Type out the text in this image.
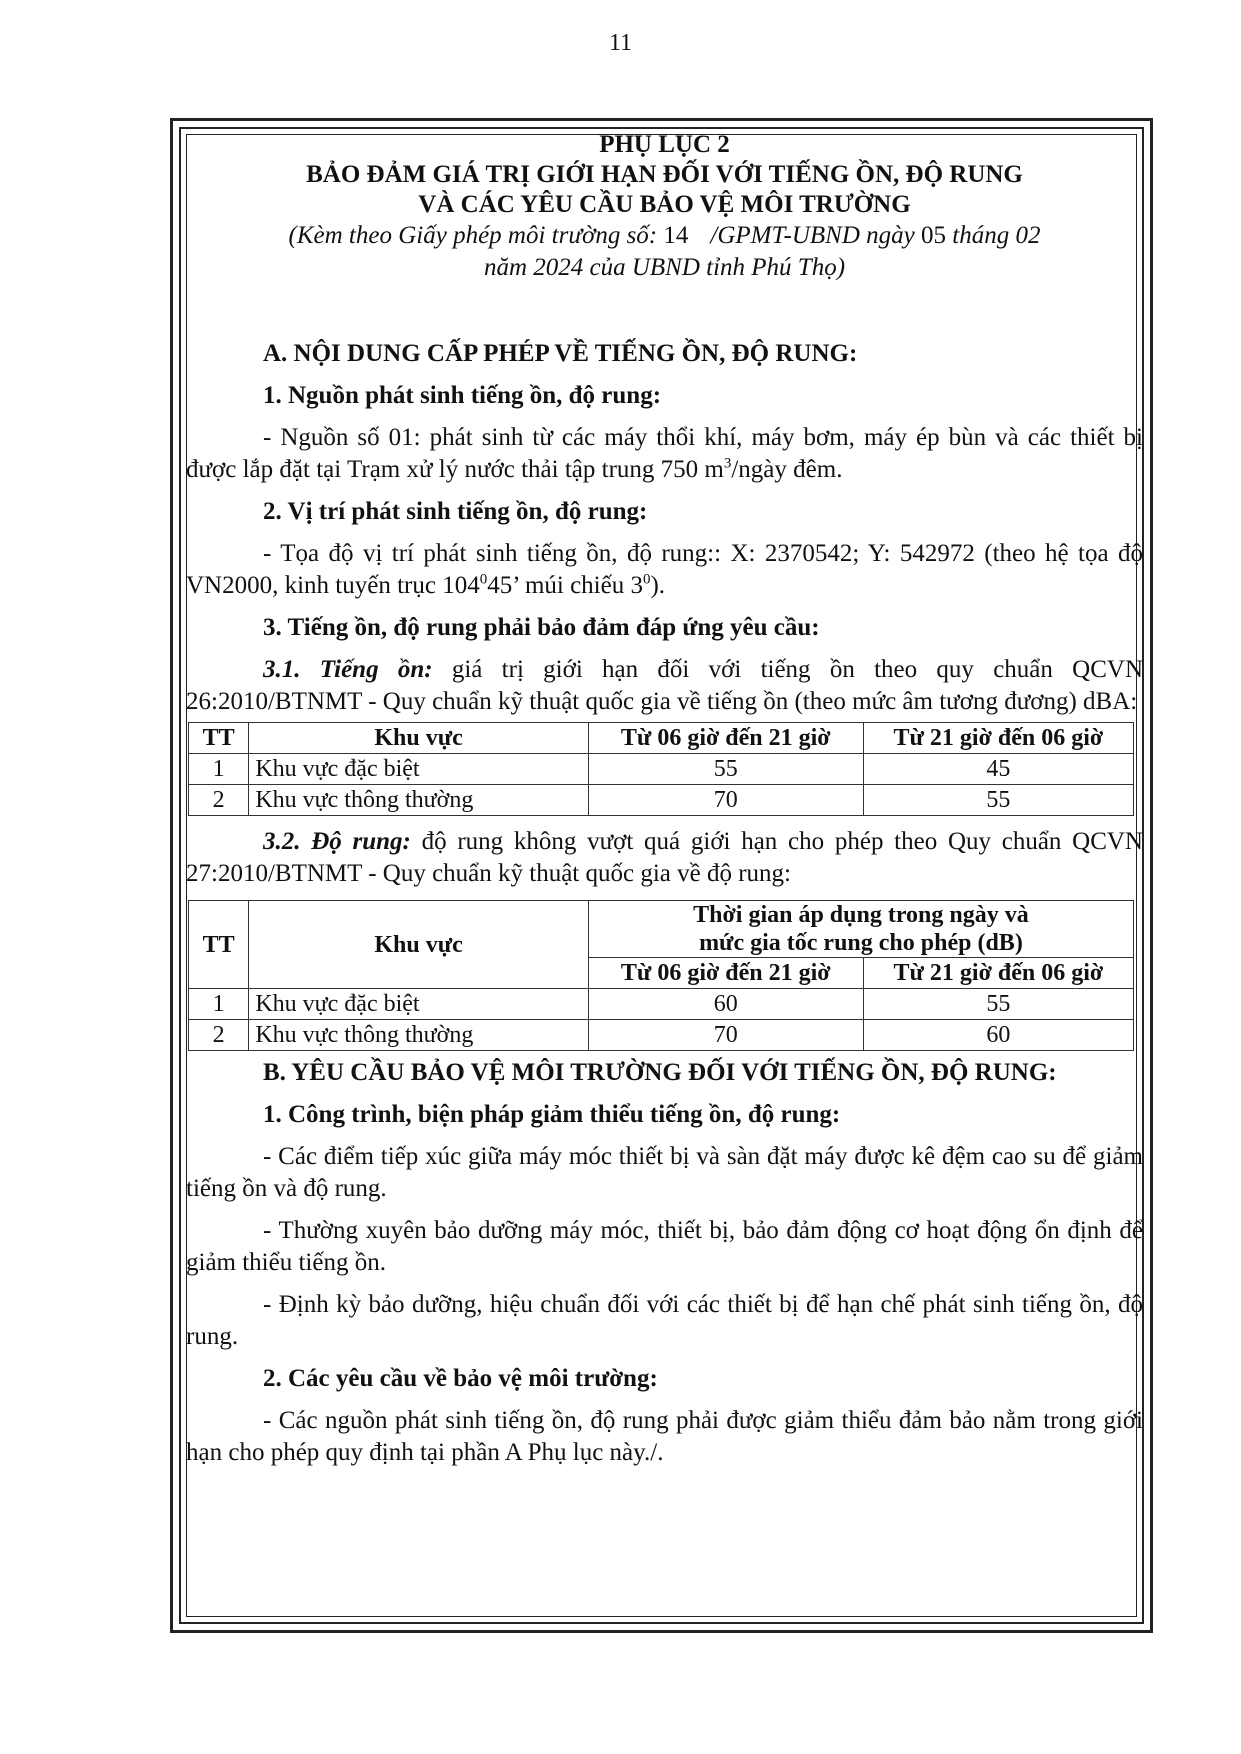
11
PHỤ LỤC 2
BẢO ĐẢM GIÁ TRỊ GIỚI HẠN ĐỐI VỚI TIẾNG ỒN, ĐỘ RUNG
VÀ CÁC YÊU CẦU BẢO VỆ MÔI TRƯỜNG
(Kèm theo Giấy phép môi trường số: 14 /GPMT-UBND ngày 05 tháng 02
năm 2024 của UBND tỉnh Phú Thọ)

A. NỘI DUNG CẤP PHÉP VỀ TIẾNG ỒN, ĐỘ RUNG:

1. Nguồn phát sinh tiếng ồn, độ rung:

- Nguồn số 01: phát sinh từ các máy thổi khí, máy bơm, máy ép bùn và các thiết bị được lắp đặt tại Trạm xử lý nước thải tập trung 750 $m^3$/ngày đêm.

2. Vị trí phát sinh tiếng ồn, độ rung:

- Tọa độ vị trí phát sinh tiếng ồn, độ rung:: X: 2370542; Y: 542972 (theo hệ tọa độ VN2000, kinh tuyến trục $104^045$’ múi chiếu $3^0$).

3. Tiếng ồn, độ rung phải bảo đảm đáp ứng yêu cầu:

3.1. Tiếng ồn: giá trị giới hạn đối với tiếng ồn theo quy chuẩn QCVN 26:2010/BTNMT - Quy chuẩn kỹ thuật quốc gia về tiếng ồn (theo mức âm tương đương) dBA:

TT	Khu vực	Từ 06 giờ đến 21 giờ	Từ 21 giờ đến 06 giờ
1	Khu vực đặc biệt	55	45
2	Khu vực thông thường	70	55

3.2. Độ rung: độ rung không vượt quá giới hạn cho phép theo Quy chuẩn QCVN 27:2010/BTNMT - Quy chuẩn kỹ thuật quốc gia về độ rung:

TT	Khu vực	Thời gian áp dụng trong ngày và
mức gia tốc rung cho phép (dB)	
		Từ 06 giờ đến 21 giờ	Từ 21 giờ đến 06 giờ
1	Khu vực đặc biệt	60	55
2	Khu vực thông thường	70	60

B. YÊU CẦU BẢO VỆ MÔI TRƯỜNG ĐỐI VỚI TIẾNG ỒN, ĐỘ RUNG:

1. Công trình, biện pháp giảm thiểu tiếng ồn, độ rung:

- Các điểm tiếp xúc giữa máy móc thiết bị và sàn đặt máy được kê đệm cao su để giảm tiếng ồn và độ rung.

- Thường xuyên bảo dưỡng máy móc, thiết bị, bảo đảm động cơ hoạt động ổn định để giảm thiểu tiếng ồn.

- Định kỳ bảo dưỡng, hiệu chuẩn đối với các thiết bị để hạn chế phát sinh tiếng ồn, độ rung.

2. Các yêu cầu về bảo vệ môi trường:

- Các nguồn phát sinh tiếng ồn, độ rung phải được giảm thiểu đảm bảo nằm trong giới hạn cho phép quy định tại phần A Phụ lục này./.
